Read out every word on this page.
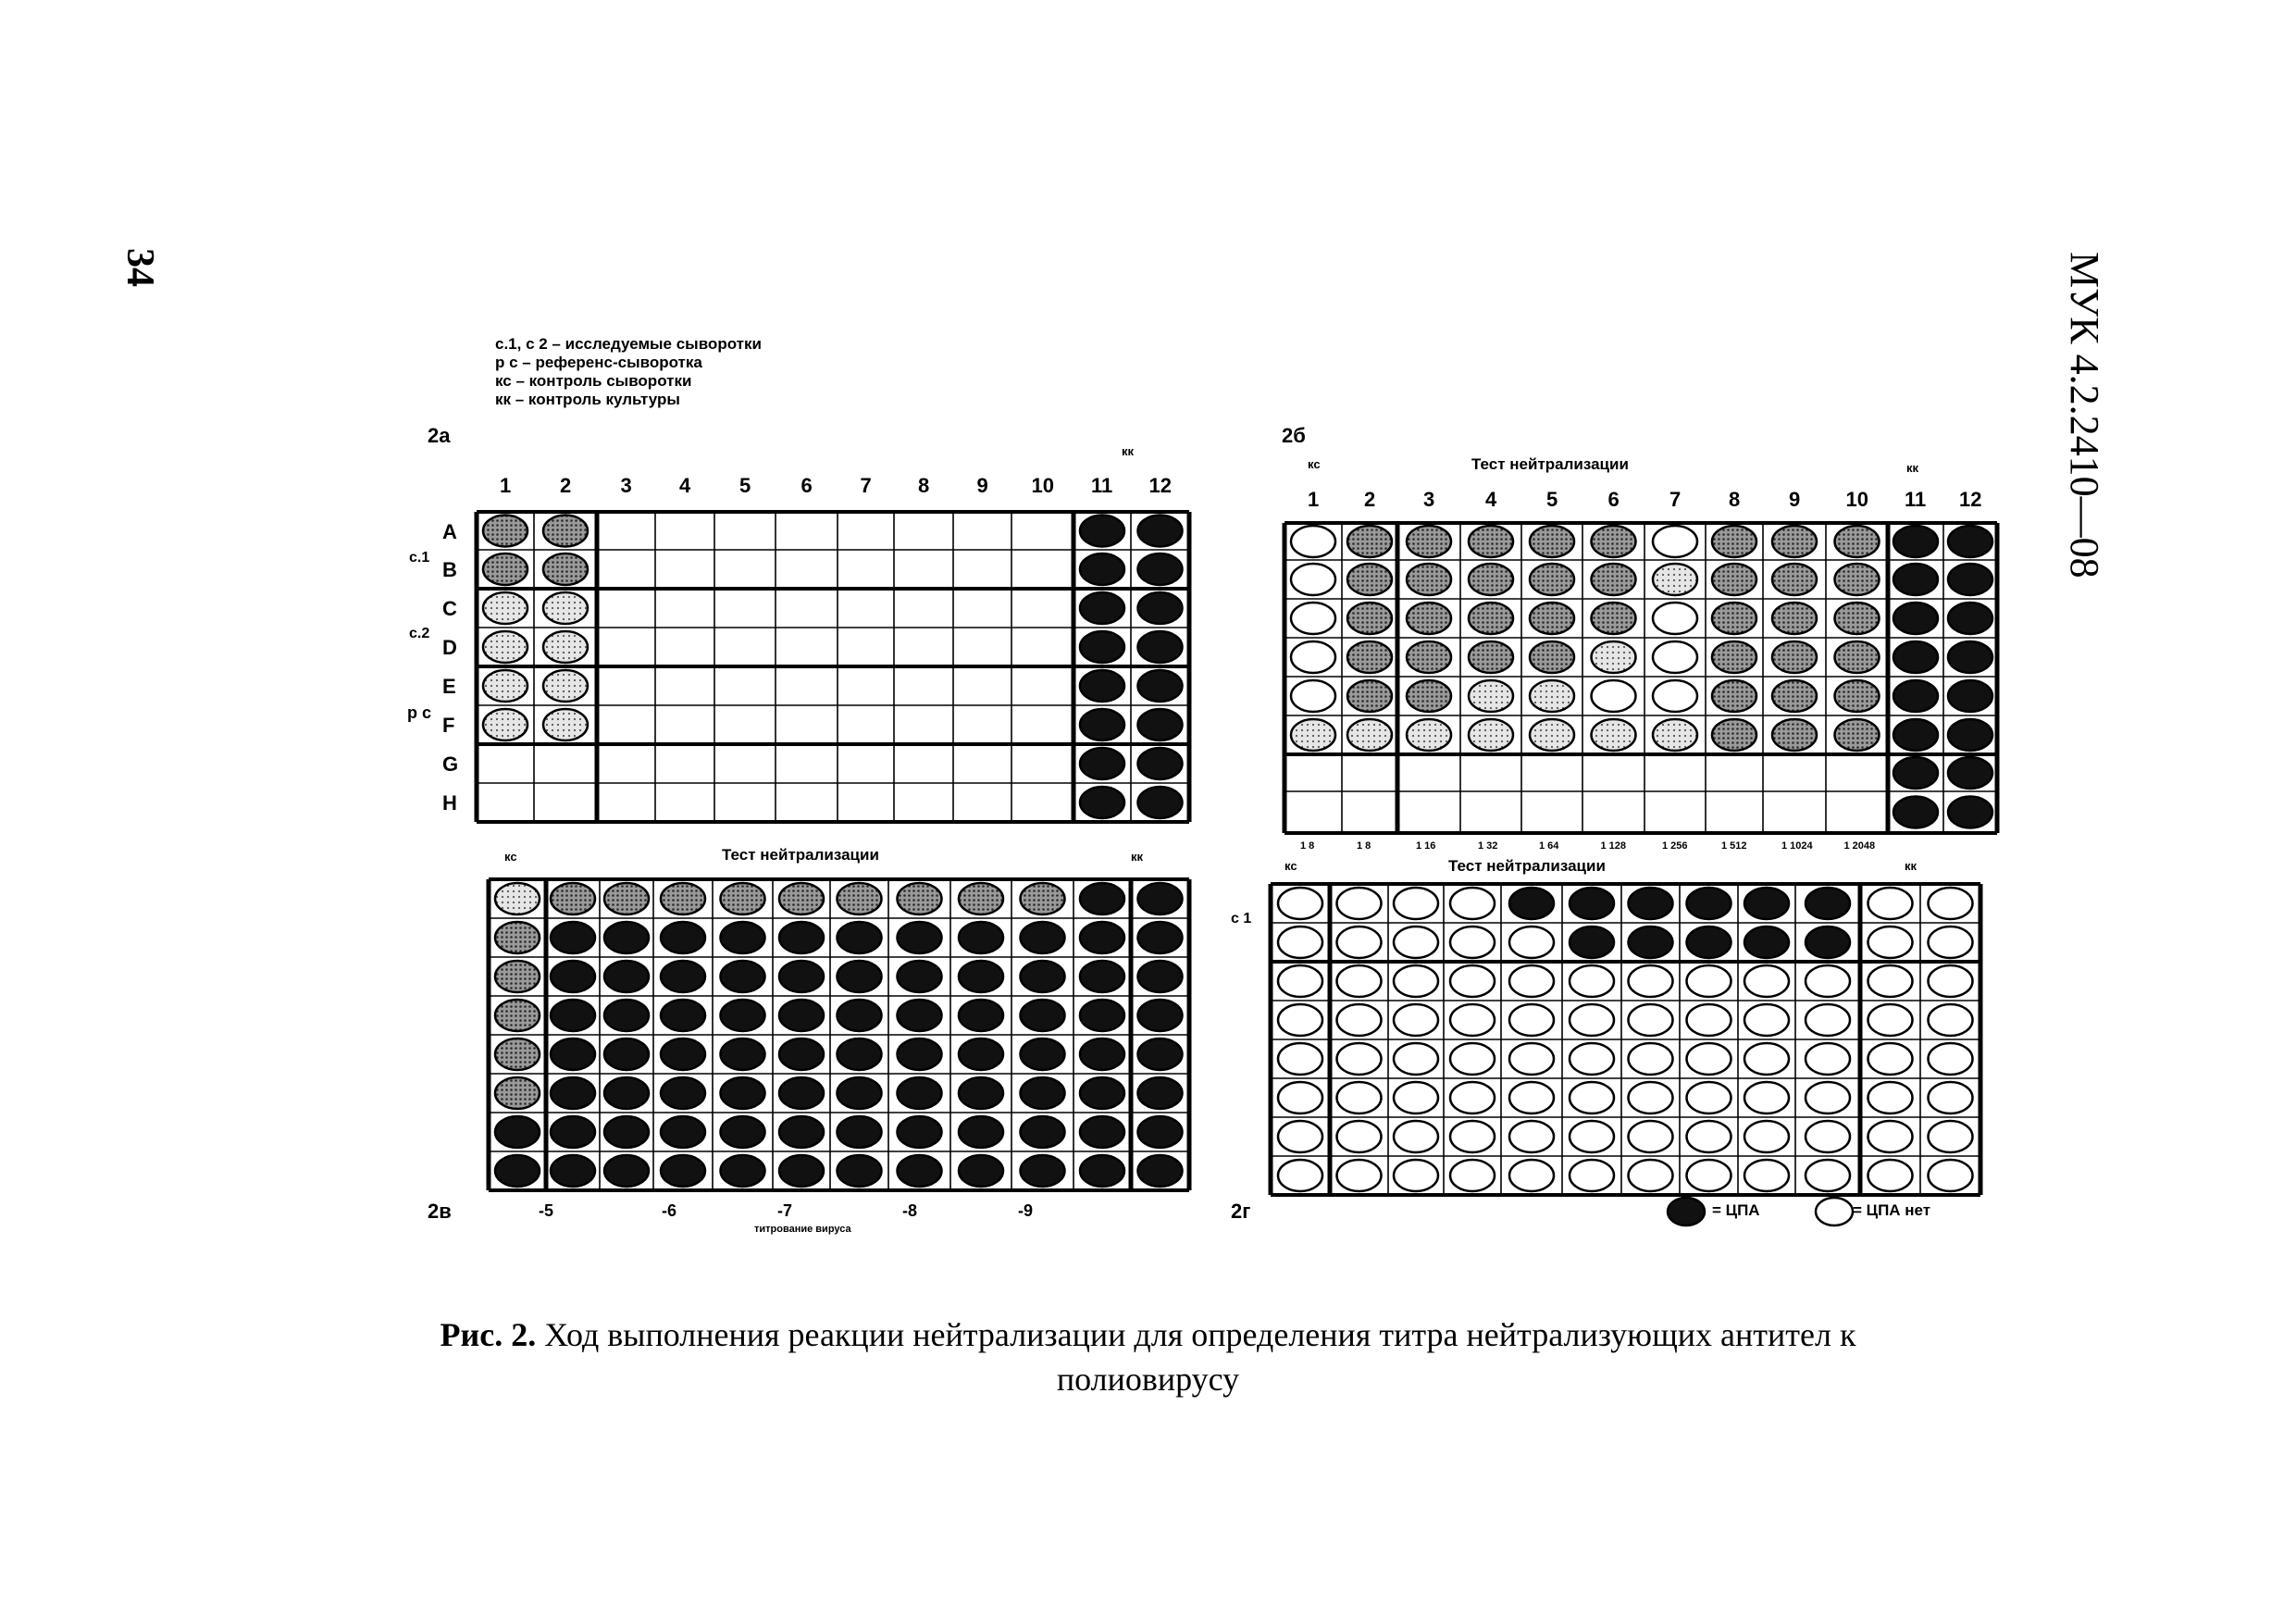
34	МУК 4.2.2410—08
с.1, с 2 – исследуемые сыворотки
р с – референс-сыворотка
кс – контроль сыворотки
кк – контроль культуры
2а
кк
1 2 3 4 5 6 7 8 9 10 11 12
A
B
C
D
E
F
G
H
с.1
с.2
р с
2б
кс	Тест нейтрализации	кк
1 2 3 4 5 6 7 8 9 10 11 12
1 8	1 8	1 16	1 32	1 64	1 128	1 256	1 512	1 1024	1 2048
кс	Тест нейтрализации	кк
2в	-5	-6	-7	-8	-9
титрование вируса
кс	Тест нейтрализации	кк
с 1
2г	= ЦПА	= ЦПА нет
Рис. 2. Ход выполнения реакции нейтрализации для определения титра нейтрализующих антител к
полиовирусу
